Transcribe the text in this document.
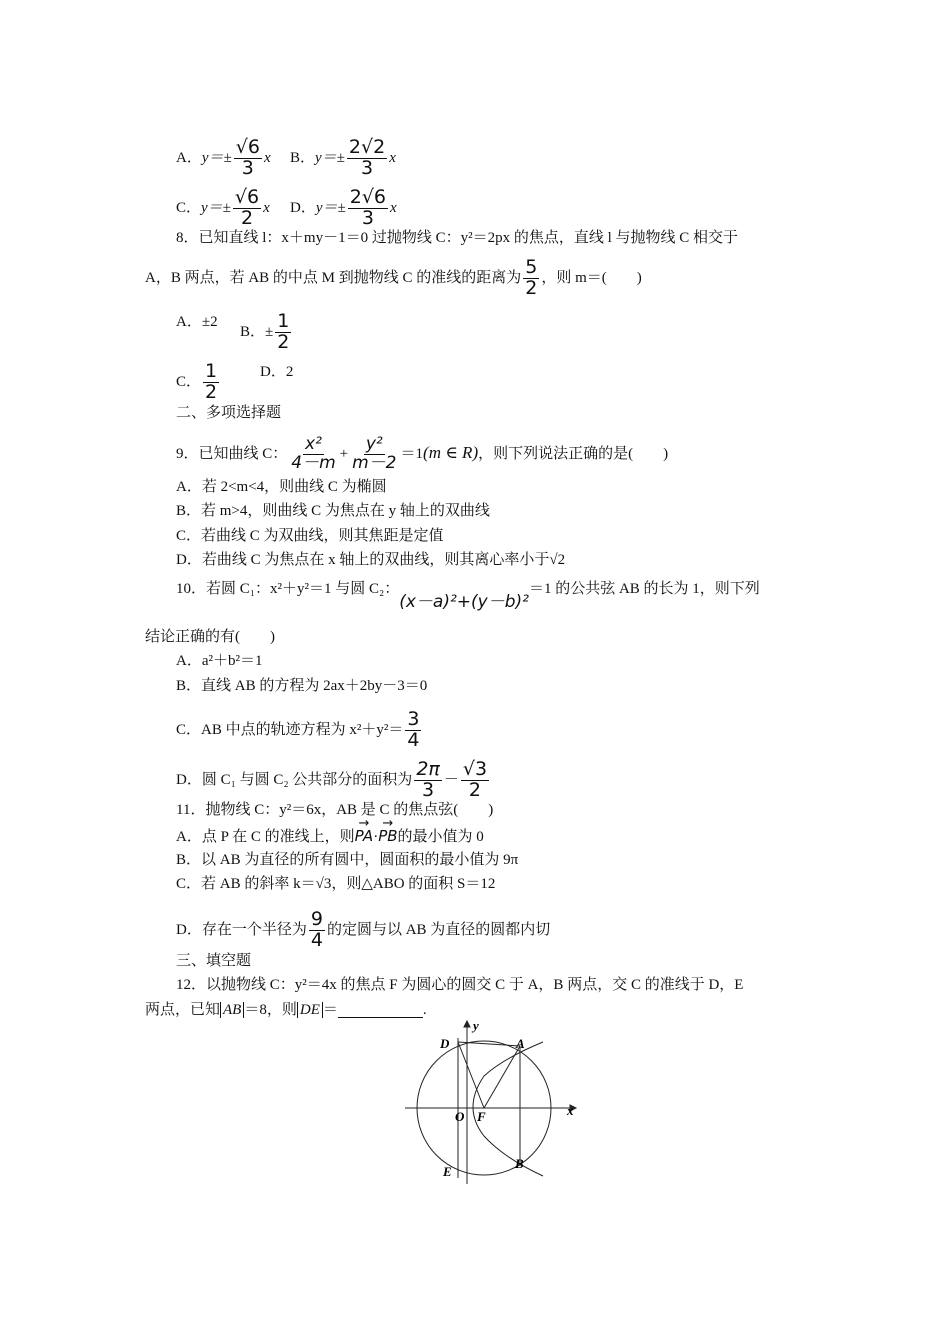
A．$y=\pm \frac{√6}{3}$ x B．$y=\pm \frac{2√2}{3}$ x
C．$y=\pm \frac{√6}{2}$ x D．$y=\pm \frac{2√6}{3}$ x
8．已知直线 l：x＋my－1＝0 过抛物线 C：y²＝2px 的焦点，直线 l 与抛物线 C 相交于
A，B 两点，若 AB 的中点 M 到抛物线 C 的准线的距离为 $\frac{5}{2}$ ，则 m＝(　　)
A．±2
B．± $\frac{1}{2}$
C． $\frac{1}{2}$	D．2
二、多项选择题
9．已知曲线 C： $\frac{\text{x²}}{4-m} + \frac{\text{y²}}{m-2} =1(m$ ∈ R)，则下列说法正确的是(　　)
A．若 2<m<4，则曲线 C 为椭圆
B．若 m>4，则曲线 C 为焦点在 y 轴上的双曲线
C．若曲线 C 为双曲线，则其焦距是定值
D．若曲线 C 为焦点在 x 轴上的双曲线，则其离心率小于√2
10．若圆 C₁：x²＋y²＝1 与圆 C₂：(x－a)²+(y－b)²＝1 的公共弦 AB 的长为 1，则下列
结论正确的有(　　)
A．a²＋b²＝1
B．直线 AB 的方程为 2ax＋2by－3＝0
C．AB 中点的轨迹方程为 $x^2+y^2= \frac{3}{4}$
D．圆 C₁ 与圆 C₂ 公共部分的面积为 $\frac{2\pi}{3} - \frac{√3}{2}$
11．抛物线 C：y²＝6x，AB 是 C 的焦点弦(　　)
A．点 P 在 C 的准线上，则→ PA·→ PB的最小值为 0
B．以 AB 为直径的所有圆中，圆面积的最小值为 9π
C．若 AB 的斜率 k＝√3，则△ABO 的面积 S＝12
D．存在一个半径为 $\frac{9}{4}$ 的定圆与以 AB 为直径的圆都内切
三、填空题
12．以抛物线 C：y²＝4x 的焦点 F 为圆心的圆交 C 于 A，B 两点，交 C 的准线于 D，E
两点，已知 AB ＝8，则 DE ＝	.
D	A
O F
E
B
x
y
